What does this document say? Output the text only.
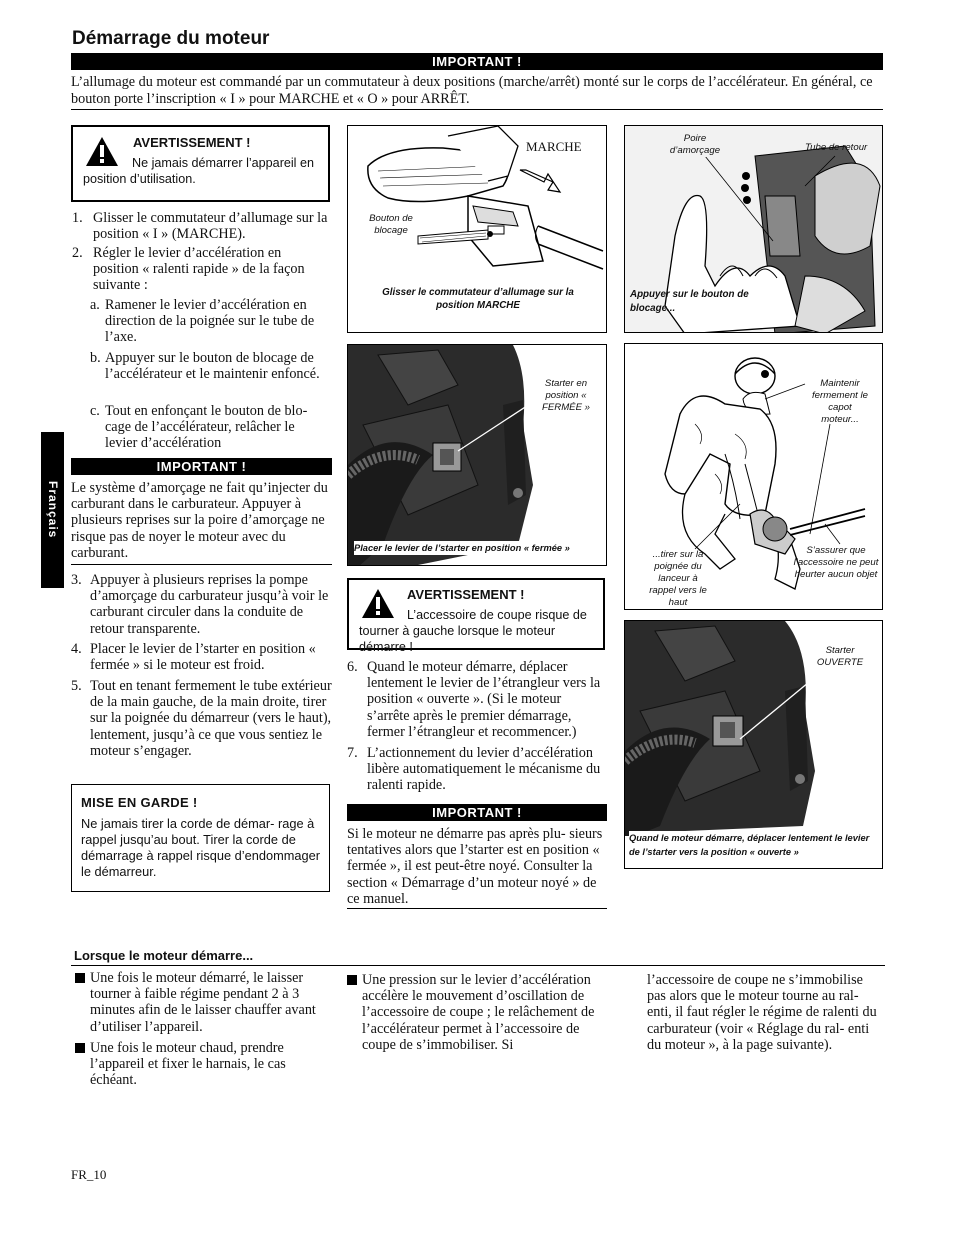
Démarrage du moteur
IMPORTANT !
L’allumage du moteur est commandé par un commutateur à deux positions (marche/arrêt) monté sur le corps de l’accélérateur. En général, ce bouton porte l’inscription « I » pour MARCHE et « O » pour ARRÊT.
AVERTISSEMENT !
Ne jamais démarrer l’appareil en position d’utilisation.
1. Glisser le commutateur d’allumage sur la position « I » (MARCHE).
2. Régler le levier d’accélération en position « ralenti rapide » de la façon suivante :
a. Ramener le levier d’accélération en direction de la poignée sur le tube de l’axe.
b. Appuyer sur le bouton de blocage de l’accélérateur et le maintenir enfoncé.
c. Tout en enfonçant le bouton de blo- cage de l’accélérateur, relâcher le levier d’accélération
IMPORTANT !
Le système d’amorçage ne fait qu’injecter du carburant dans le carburateur. Appuyer à plusieurs reprises sur la poire d’amorçage ne risque pas de noyer le moteur avec du carburant.
3. Appuyer à plusieurs reprises la pompe d’amorçage du carburateur jusqu’à voir le carburant circuler dans la conduite de retour transparente.
4. Placer le levier de l’starter en position « fermée » si le moteur est froid.
5. Tout en tenant fermement le tube extérieur de la main gauche, de la main droite, tirer sur la poignée du démarreur (vers le haut), lentement, jusqu’à ce que vous sentiez le moteur s’engager.
MISE EN GARDE !
Ne jamais tirer la corde de démar- rage à rappel jusqu’au bout. Tirer la corde de démarrage à rappel risque d’endommager le démarreur.
Français
MARCHE
Bouton de blocage
Glisser le commutateur d’allumage sur la position MARCHE
Poire d’amorçage	Tube de retour
Appuyer sur le bouton de blocage...
Starter en position « FERMÉE »
Placer le levier de l’starter en position « fermée »
AVERTISSEMENT !
L’accessoire de coupe risque de tourner à gauche lorsque le moteur démarre !
6. Quand le moteur démarre, déplacer lentement le levier de l’étrangleur vers la position « ouverte ». (Si le moteur s’arrête après le premier démarrage, fermer l’étrangleur et recommencer.)
7. L’actionnement du levier d’accélération libère automatiquement le mécanisme du ralenti rapide.
IMPORTANT !
Si le moteur ne démarre pas après plu- sieurs tentatives alors que l’starter est en position « fermée », il est peut-être noyé. Consulter la section « Démarrage d’un moteur noyé » de ce manuel.
Maintenir fermement le capot moteur...
...tirer sur la poignée du lanceur à rappel vers le haut
S’assurer que l’accessoire ne peut heurter aucun objet
Starter OUVERTE
Quand le moteur démarre, déplacer lentement le levier de l’starter vers la position « ouverte »
Lorsque le moteur démarre...
Une fois le moteur démarré, le laisser tourner à faible régime pendant 2 à 3 minutes afin de le laisser chauffer avant d’utiliser l’appareil.
Une fois le moteur chaud, prendre l’appareil et fixer le harnais, le cas échéant.
Une pression sur le levier d’accélération accélère le mouvement d’oscillation de l’accessoire de coupe ; le relâchement de l’accélérateur permet à l’accessoire de coupe de s’immobiliser. Si
l’accessoire de coupe ne s’immobilise pas alors que le moteur tourne au ral- enti, il faut régler le régime de ralenti du carburateur (voir « Réglage du ral- enti du moteur », à la page suivante).
FR_10
